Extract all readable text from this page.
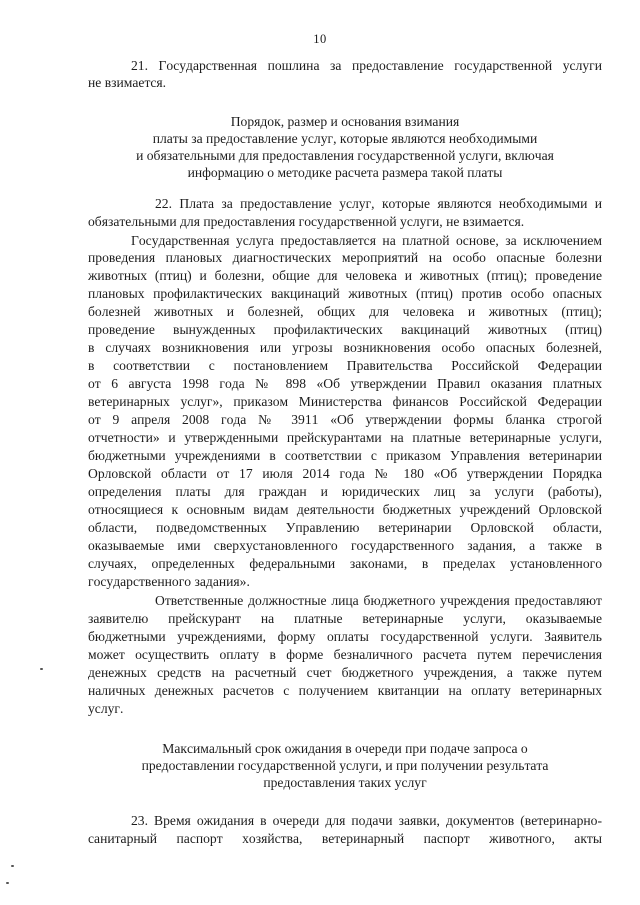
10
21. Государственная пошлина за предоставление государственной услуги
не взимается.
Порядок, размер и основания взимания
платы за предоставление услуг, которые являются необходимыми
и обязательными для предоставления государственной услуги, включая
информацию о методике расчета размера такой платы
22. Плата за предоставление услуг, которые являются необходимыми и
обязательными для предоставления государственной услуги, не взимается.
Государственная услуга предоставляется на платной основе, за исключением
проведения плановых диагностических мероприятий на особо опасные болезни
животных (птиц) и болезни, общие для человека и животных (птиц); проведение
плановых профилактических вакцинаций животных (птиц) против особо опасных
болезней животных и болезней, общих для человека и животных (птиц);
проведение вынужденных профилактических вакцинаций животных (птиц)
в случаях возникновения или угрозы возникновения особо опасных болезней,
в соответствии с постановлением Правительства Российской Федерации
от 6 августа 1998 года № 898 «Об утверждении Правил оказания платных
ветеринарных услуг», приказом Министерства финансов Российской Федерации
от 9 апреля 2008 года № 3911 «Об утверждении формы бланка строгой
отчетности» и утвержденными прейскурантами на платные ветеринарные услуги,
бюджетными учреждениями в соответствии с приказом Управления ветеринарии
Орловской области от 17 июля 2014 года № 180 «Об утверждении Порядка
определения платы для граждан и юридических лиц за услуги (работы),
относящиеся к основным видам деятельности бюджетных учреждений Орловской
области, подведомственных Управлению ветеринарии Орловской области,
оказываемые ими сверхустановленного государственного задания, а также в
случаях, определенных федеральными законами, в пределах установленного
государственного задания».
Ответственные должностные лица бюджетного учреждения предоставляют
заявителю прейскурант на платные ветеринарные услуги, оказываемые
бюджетными учреждениями, форму оплаты государственной услуги. Заявитель
может осуществить оплату в форме безналичного расчета путем перечисления
денежных средств на расчетный счет бюджетного учреждения, а также путем
наличных денежных расчетов с получением квитанции на оплату ветеринарных
услуг.
Максимальный срок ожидания в очереди при подаче запроса о
предоставлении государственной услуги, и при получении результата
предоставления таких услуг
23. Время ожидания в очереди для подачи заявки, документов (ветеринарно-
санитарный паспорт хозяйства, ветеринарный паспорт животного, акты
